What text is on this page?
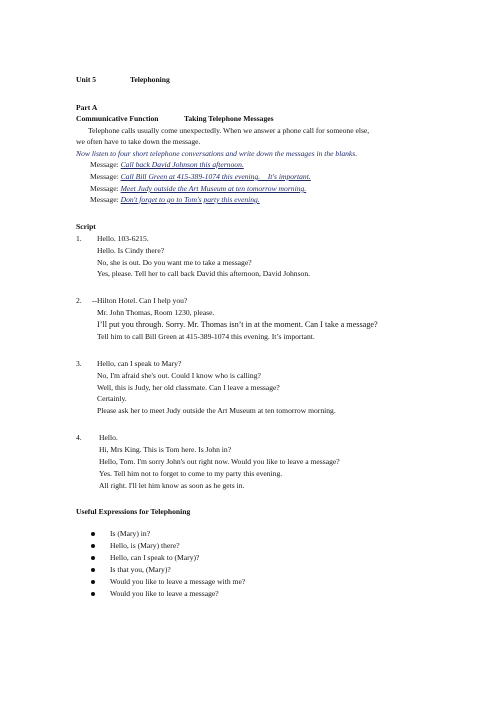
Unit 5	Telephoning
Part A
Communicative Function	Taking Telephone Messages
Telephone calls usually come unexpectedly. When we answer a phone call for someone else,
we often have to take down the message.
Now listen to four short telephone conversations and write down the messages in the blanks.
Message: Call back David Johnson this afternoon.
Message: Call Bill Green at 415-389-1074 this evening.    It's important.
Message: Meet Judy outside the Art Museum at ten tomorrow morning.
Message: Don't forget to go to Tom's party this evening.
Script
1. Hello. 103-6215.
Hello. Is Cindy there?
No, she is out. Do you want me to take a message?
Yes, please. Tell her to call back David this afternoon, David Johnson.
2. --Hilton Hotel. Can I help you?
Mr. John Thomas, Room 1230, please.
I’ll put you through. Sorry. Mr. Thomas isn’t in at the moment. Can I take a message?
Tell him to call Bill Green at 415-389-1074 this evening. It’s important.
3. Hello, can I speak to Mary?
No, I'm afraid she's out. Could I know who is calling?
Well, this is Judy, her old classmate. Can I leave a message?
Certainly.
Please ask her to meet Judy outside the Art Museum at ten tomorrow morning.
4. Hello.
Hi, Mrs King. This is Tom here. Is John in?
Hello, Tom. I'm sorry John's out right now. Would you like to leave a message?
Yes. Tell him not to forget to come to my party this evening.
All right. I'll let him know as soon as he gets in.
Useful Expressions for Telephoning
Is (Mary) in?
Hello, is (Mary) there?
Hello, can I speak to (Mary)?
Is that you, (Mary)?
Would you like to leave a message with me?
Would you like to leave a message?
